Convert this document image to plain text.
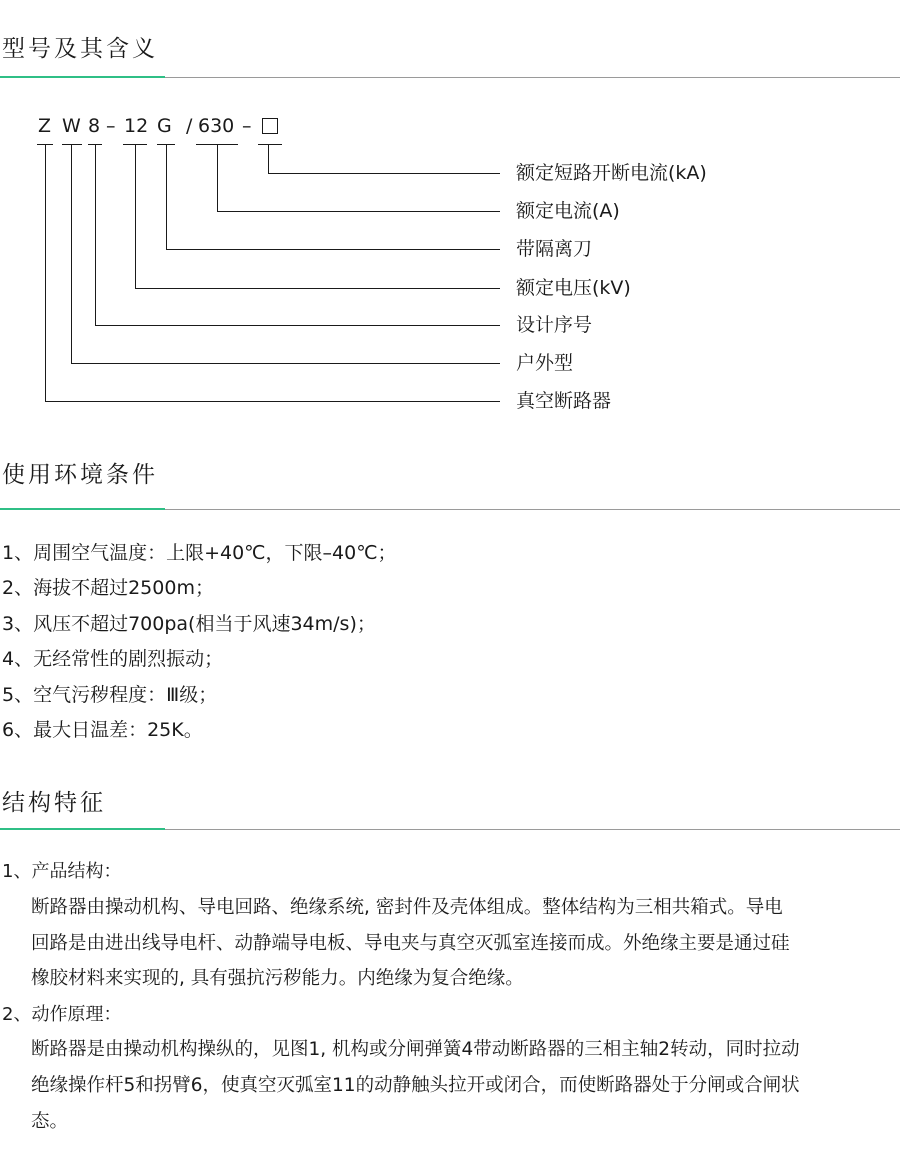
型号及其含义
Z W 8 – 12 G / 630 –
额定短路开断电流(kA)
额定电流(A)
带隔离刀
额定电压(kV)
设计序号
户外型
真空断路器
使用环境条件
1、周围空气温度：上限+40℃，下限–40℃；
2、海拔不超过2500m；
3、风压不超过700pa(相当于风速34m/s)；
4、无经常性的剧烈振动；
5、空气污秽程度：Ⅲ级；
6、最大日温差：25K。
结构特征
1、产品结构：
断路器由操动机构、导电回路、绝缘系统, 密封件及壳体组成。整体结构为三相共箱式。导电
回路是由进出线导电杆、动静端导电板、导电夹与真空灭弧室连接而成。外绝缘主要是通过硅
橡胶材料来实现的, 具有强抗污秽能力。内绝缘为复合绝缘。
2、动作原理：
断路器是由操动机构操纵的，见图1, 机构或分闸弹簧4带动断路器的三相主轴2转动，同时拉动
绝缘操作杆5和拐臂6，使真空灭弧室11的动静触头拉开或闭合，而使断路器处于分闸或合闸状
态。
